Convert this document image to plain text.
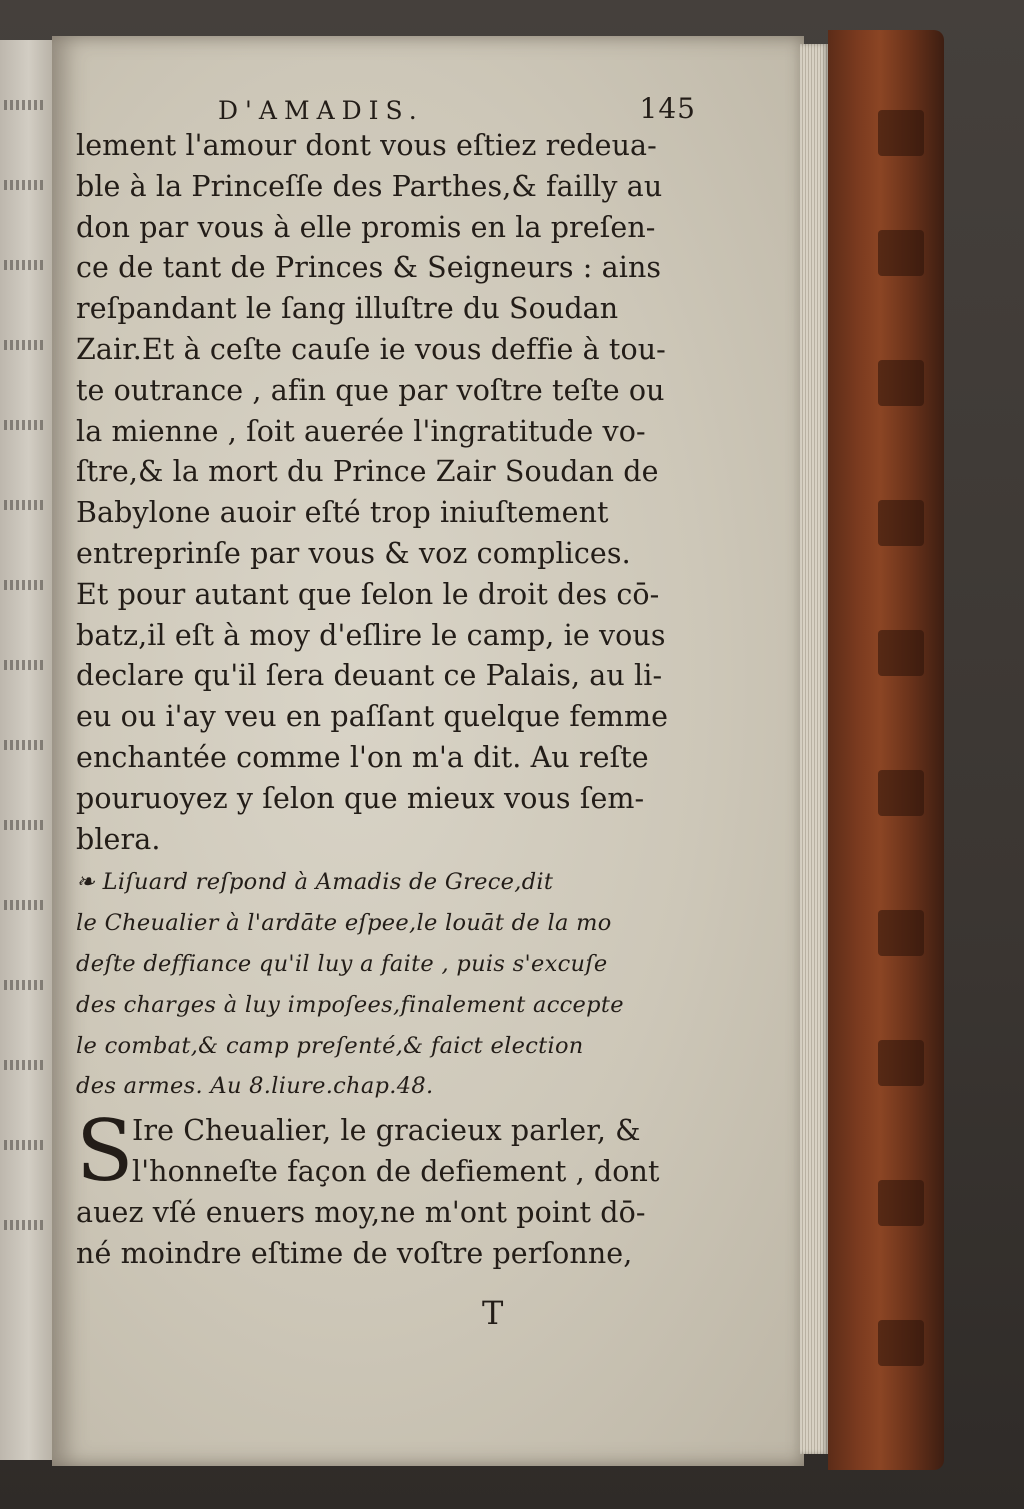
D'AMADIS.	145
lement l'amour dont vous eſtiez redeua-
ble à la Princeſſe des Parthes,& failly au
don par vous à elle promis en la preſen-
ce de tant de Princes & Seigneurs : ains
reſpandant le ſang illuſtre du Soudan
Zair.Et à ceſte cauſe ie vous deffie à tou-
te outrance , afin que par voſtre teſte ou
la mienne , ſoit auerée l'ingratitude vo-
ſtre,& la mort du Prince Zair Soudan de
Babylone auoir eſté trop iniuſtement
entreprinſe par vous & voz complices.
Et pour autant que ſelon le droit des cō-
batz,il eſt à moy d'eſlire le camp, ie vous
declare qu'il ſera deuant ce Palais, au li-
eu ou i'ay veu en paſſant quelque femme
enchantée comme l'on m'a dit. Au reſte
pouruoyez y ſelon que mieux vous ſem-
blera.
❧ Liſuard reſpond à Amadis de Grece,dit
le Cheualier à l'ardāte eſpee,le louāt de la mo
deſte deffiance qu'il luy a faite , puis s'excuſe
des charges à luy impoſees,finalement accepte
le combat,& camp preſenté,& faict election
des armes. Au 8.liure.chap.48.
S
Ire Cheualier, le gracieux parler, &
l'honneſte façon de defiement , dont
auez vſé enuers moy,ne m'ont point dō-
né moindre eſtime de voſtre perſonne,
T
